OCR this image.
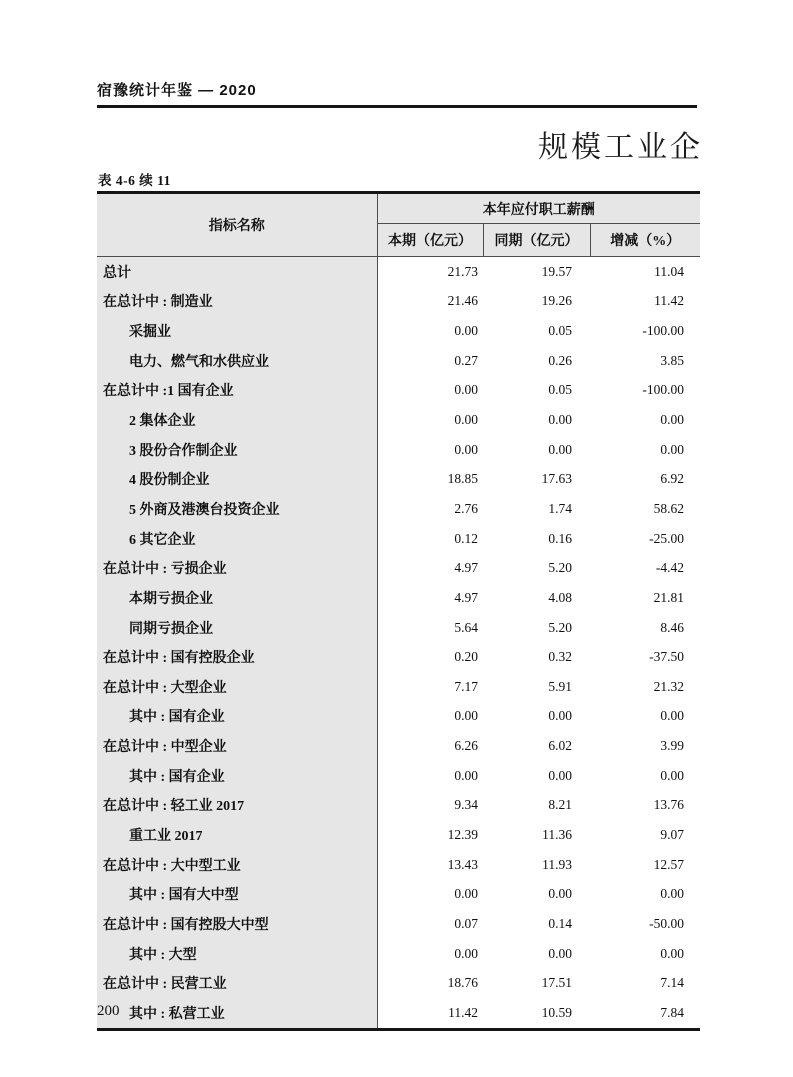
宿豫统计年鉴 — 2020
规模工业企
表 4-6 续 11
指标名称	本年应付职工薪酬		
	本期（亿元）	同期（亿元）	增减（%）
总计	21.73	19.57	11.04
在总计中 : 制造业	21.46	19.26	11.42
采掘业	0.00	0.05	-100.00
电力、燃气和水供应业	0.27	0.26	3.85
在总计中 :1 国有企业	0.00	0.05	-100.00
2 集体企业	0.00	0.00	0.00
3 股份合作制企业	0.00	0.00	0.00
4 股份制企业	18.85	17.63	6.92
5 外商及港澳台投资企业	2.76	1.74	58.62
6 其它企业	0.12	0.16	-25.00
在总计中 : 亏损企业	4.97	5.20	-4.42
本期亏损企业	4.97	4.08	21.81
同期亏损企业	5.64	5.20	8.46
在总计中 : 国有控股企业	0.20	0.32	-37.50
在总计中 : 大型企业	7.17	5.91	21.32
其中 : 国有企业	0.00	0.00	0.00
在总计中 : 中型企业	6.26	6.02	3.99
其中 : 国有企业	0.00	0.00	0.00
在总计中 : 轻工业 2017	9.34	8.21	13.76
重工业 2017	12.39	11.36	9.07
在总计中 : 大中型工业	13.43	11.93	12.57
其中 : 国有大中型	0.00	0.00	0.00
在总计中 : 国有控股大中型	0.07	0.14	-50.00
其中 : 大型	0.00	0.00	0.00
在总计中 : 民营工业	18.76	17.51	7.14
其中 : 私营工业	11.42	10.59	7.84
200
